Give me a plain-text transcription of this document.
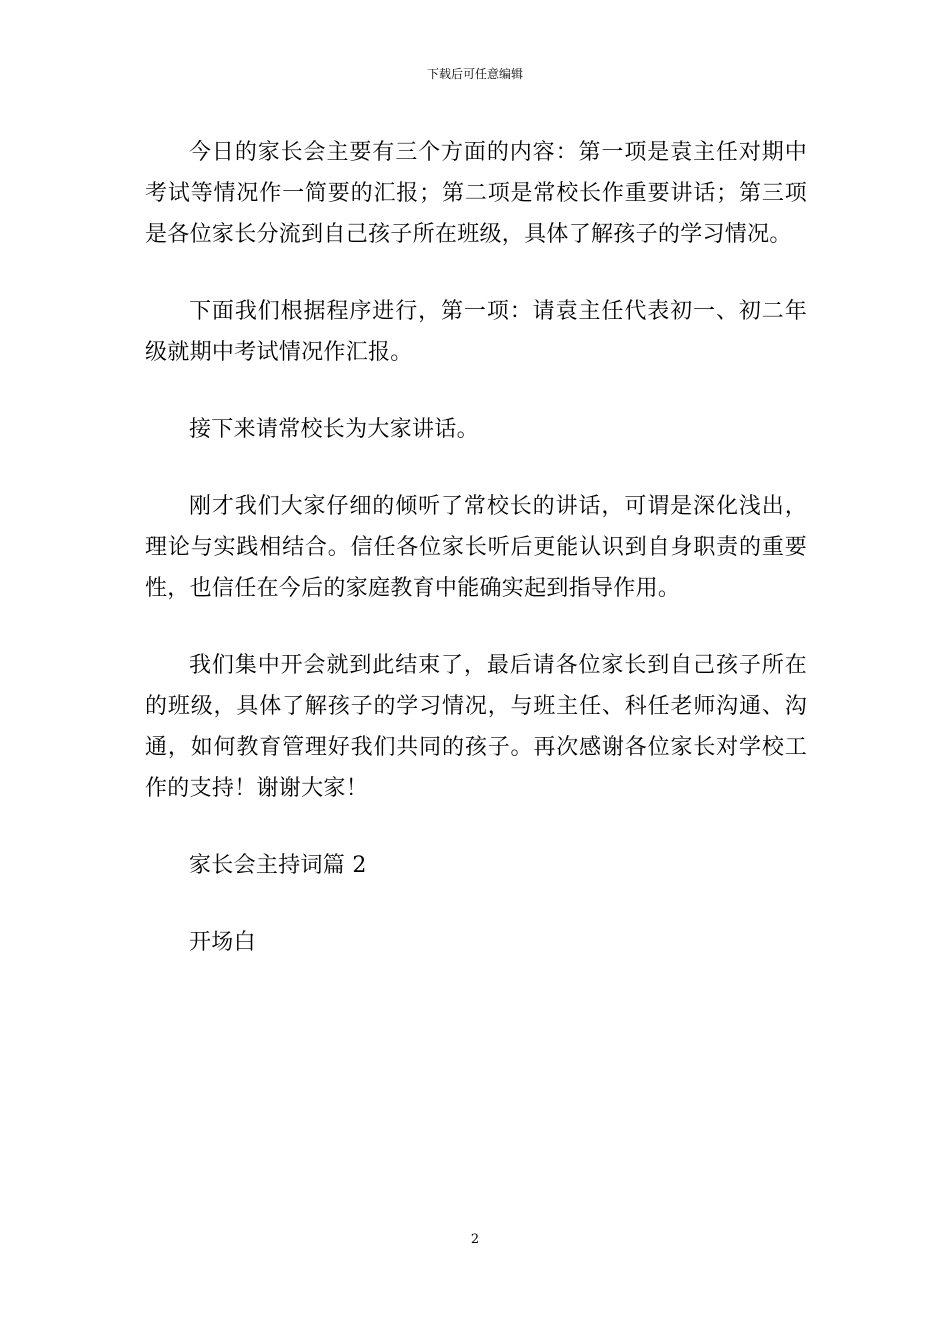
下载后可任意编辑

今日的家长会主要有三个方面的内容：第一项是袁主任对期中考试等情况作一简要的汇报；第二项是常校长作重要讲话；第三项是各位家长分流到自己孩子所在班级，具体了解孩子的学习情况。

下面我们根据程序进行，第一项：请袁主任代表初一、初二年级就期中考试情况作汇报。

接下来请常校长为大家讲话。

刚才我们大家仔细的倾听了常校长的讲话，可谓是深化浅出，理论与实践相结合。信任各位家长听后更能认识到自身职责的重要性，也信任在今后的家庭教育中能确实起到指导作用。

我们集中开会就到此结束了，最后请各位家长到自己孩子所在的班级，具体了解孩子的学习情况，与班主任、科任老师沟通、沟通，如何教育管理好我们共同的孩子。再次感谢各位家长对学校工作的支持！谢谢大家！

家长会主持词篇 2

开场白

2
